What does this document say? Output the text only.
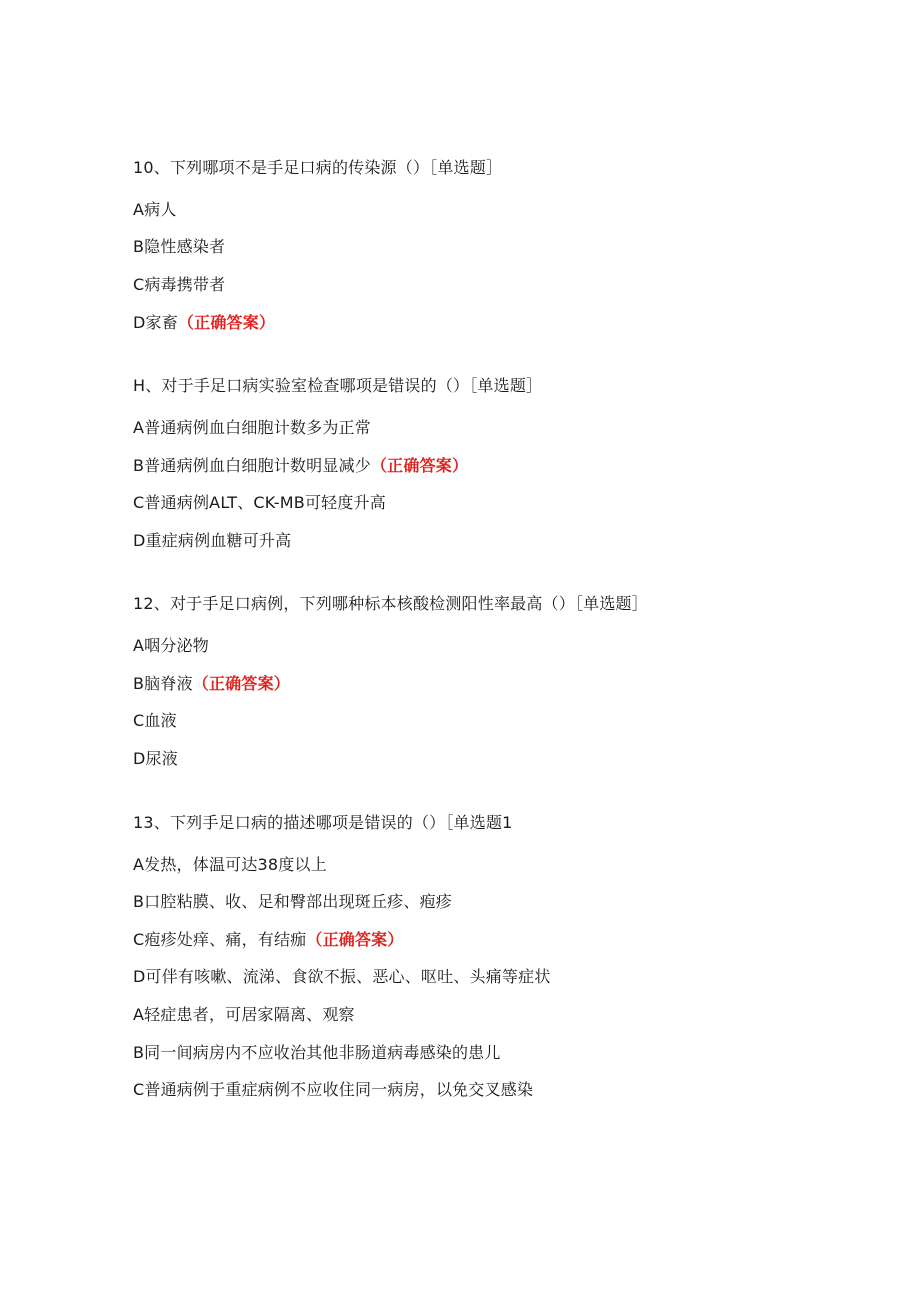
10、下列哪项不是手足口病的传染源（）［单选题］
A病人
B隐性感染者
C病毒携带者
D家畜（正确答案）
H、对于手足口病实验室检查哪项是错误的（）［单选题］
A普通病例血白细胞计数多为正常
B普通病例血白细胞计数明显减少（正确答案）
C普通病例ALT、CK-MB可轻度升高
D重症病例血糖可升高
12、对于手足口病例，下列哪种标本核酸检测阳性率最高（）［单选题］
A咽分泌物
B脑脊液（正确答案）
C血液
D尿液
13、下列手足口病的描述哪项是错误的（）［单选题1
A发热，体温可达38度以上
B口腔粘膜、收、足和臀部出现斑丘疹、疱疹
C疱疹处痒、痛，有结痂（正确答案）
D可伴有咳嗽、流涕、食欲不振、恶心、呕吐、头痛等症状
A轻症患者，可居家隔离、观察
B同一间病房内不应收治其他非肠道病毒感染的患儿
C普通病例于重症病例不应收住同一病房，以免交叉感染
